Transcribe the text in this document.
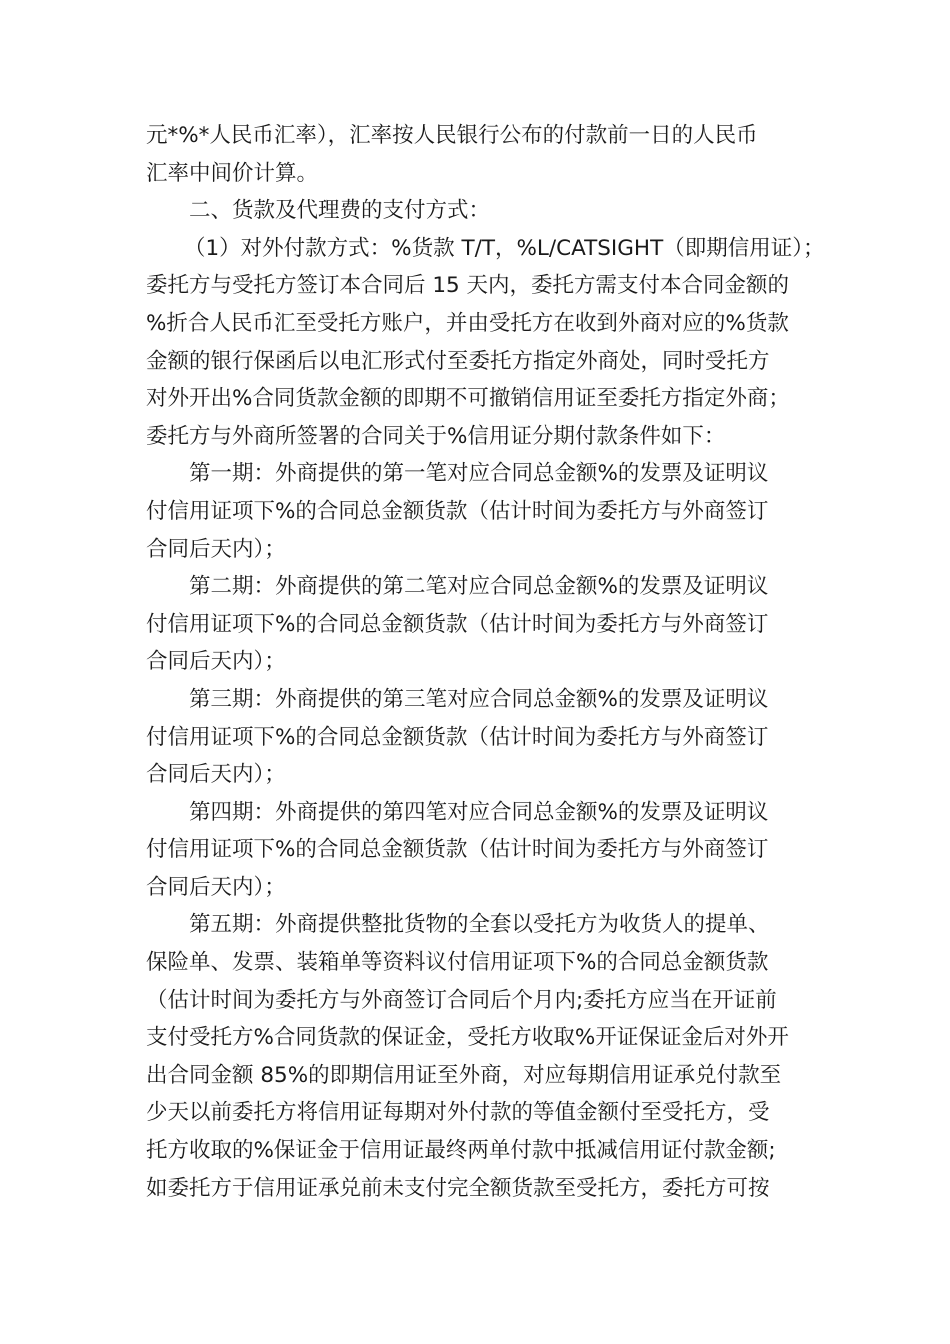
元*%*人民币汇率），汇率按人民银行公布的付款前一日的人民币
汇率中间价计算。
二、货款及代理费的支付方式：
（1）对外付款方式：%货款 T/T，%L/CATSIGHT（即期信用证）；
委托方与受托方签订本合同后 15 天内，委托方需支付本合同金额的
%折合人民币汇至受托方账户，并由受托方在收到外商对应的%货款
金额的银行保函后以电汇形式付至委托方指定外商处，同时受托方
对外开出%合同货款金额的即期不可撤销信用证至委托方指定外商；
委托方与外商所签署的合同关于%信用证分期付款条件如下：
第一期：外商提供的第一笔对应合同总金额%的发票及证明议
付信用证项下%的合同总金额货款（估计时间为委托方与外商签订
合同后天内）；
第二期：外商提供的第二笔对应合同总金额%的发票及证明议
付信用证项下%的合同总金额货款（估计时间为委托方与外商签订
合同后天内）；
第三期：外商提供的第三笔对应合同总金额%的发票及证明议
付信用证项下%的合同总金额货款（估计时间为委托方与外商签订
合同后天内）；
第四期：外商提供的第四笔对应合同总金额%的发票及证明议
付信用证项下%的合同总金额货款（估计时间为委托方与外商签订
合同后天内）；
第五期：外商提供整批货物的全套以受托方为收货人的提单、
保险单、发票、装箱单等资料议付信用证项下%的合同总金额货款
（估计时间为委托方与外商签订合同后个月内;委托方应当在开证前
支付受托方%合同货款的保证金，受托方收取%开证保证金后对外开
出合同金额 85%的即期信用证至外商，对应每期信用证承兑付款至
少天以前委托方将信用证每期对外付款的等值金额付至受托方，受
托方收取的%保证金于信用证最终两单付款中抵减信用证付款金额;
如委托方于信用证承兑前未支付完全额货款至受托方，委托方可按
